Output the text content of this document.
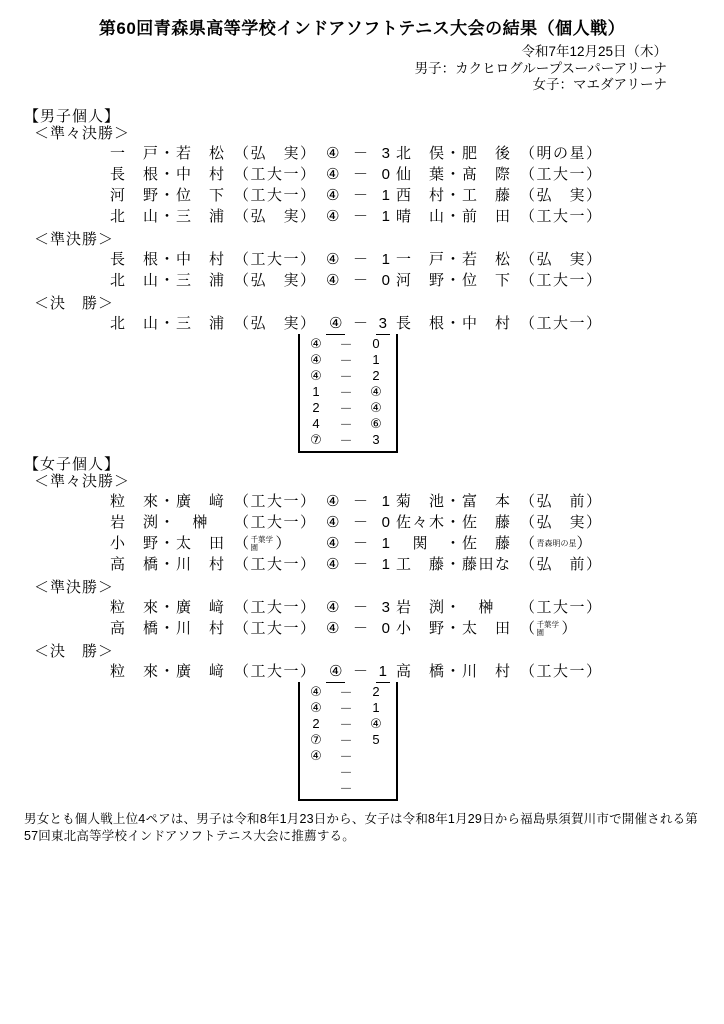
第60回青森県高等学校インドアソフトテニス大会の結果（個人戦）
令和7年12月25日（木）
男子：カクヒログループスーパーアリーナ
女子：マエダアリーナ
【男子個人】
＜準々決勝＞
一　戸・若　松 （弘　実） ④ － 3 北　俣・肥　後 （明の星）
長　根・中　村 （工大一） ④ － 0 仙　葉・髙　際 （工大一）
河　野・位　下 （工大一） ④ － 1 西　村・工　藤 （弘　実）
北　山・三　浦 （弘　実） ④ － 1 晴　山・前　田 （工大一）
＜準決勝＞
長　根・中　村 （工大一） ④ － 1 一　戸・若　松 （弘　実）
北　山・三　浦 （弘　実） ④ － 0 河　野・位　下 （工大一）
＜決　勝＞
北　山・三　浦 （弘　実） ④ － 3 長　根・中　村 （工大一）
④	－	0
④	－	1
④	－	2
1	－	④
2	－	④
4	－	⑥
⑦	－	3
【女子個人】
＜準々決勝＞
粒　來・廣　﨑 （工大一） ④ － 1 菊　池・富　本 （弘　前）
岩　渕・　榊　（工大一） ④ － 0 佐々木・佐　藤 （弘　実）
小　野・太　田 （千葉学園 ） ④ － 1 　関　・佐　藤 （青森明の星）
高　橋・川　村 （工大一） ④ － 1 工　藤・藤田な （弘　前）
＜準決勝＞
粒　來・廣　﨑 （工大一） ④ － 3 岩　渕・　榊　（工大一）
高　橋・川　村 （工大一） ④ － 0 小　野・太　田 （千葉学園 ）
＜決　勝＞
粒　來・廣　﨑 （工大一） ④ － 1 高　橋・川　村 （工大一）
④	－	2
④	－	1
2	－	④
⑦	－	5
④	－
－
－
男女とも個人戦上位4ペアは、男子は令和8年1月23日から、女子は令和8年1月29日から福島県須賀川市で開催される第57回東北高等学校インドアソフトテニス大会に推薦する。
